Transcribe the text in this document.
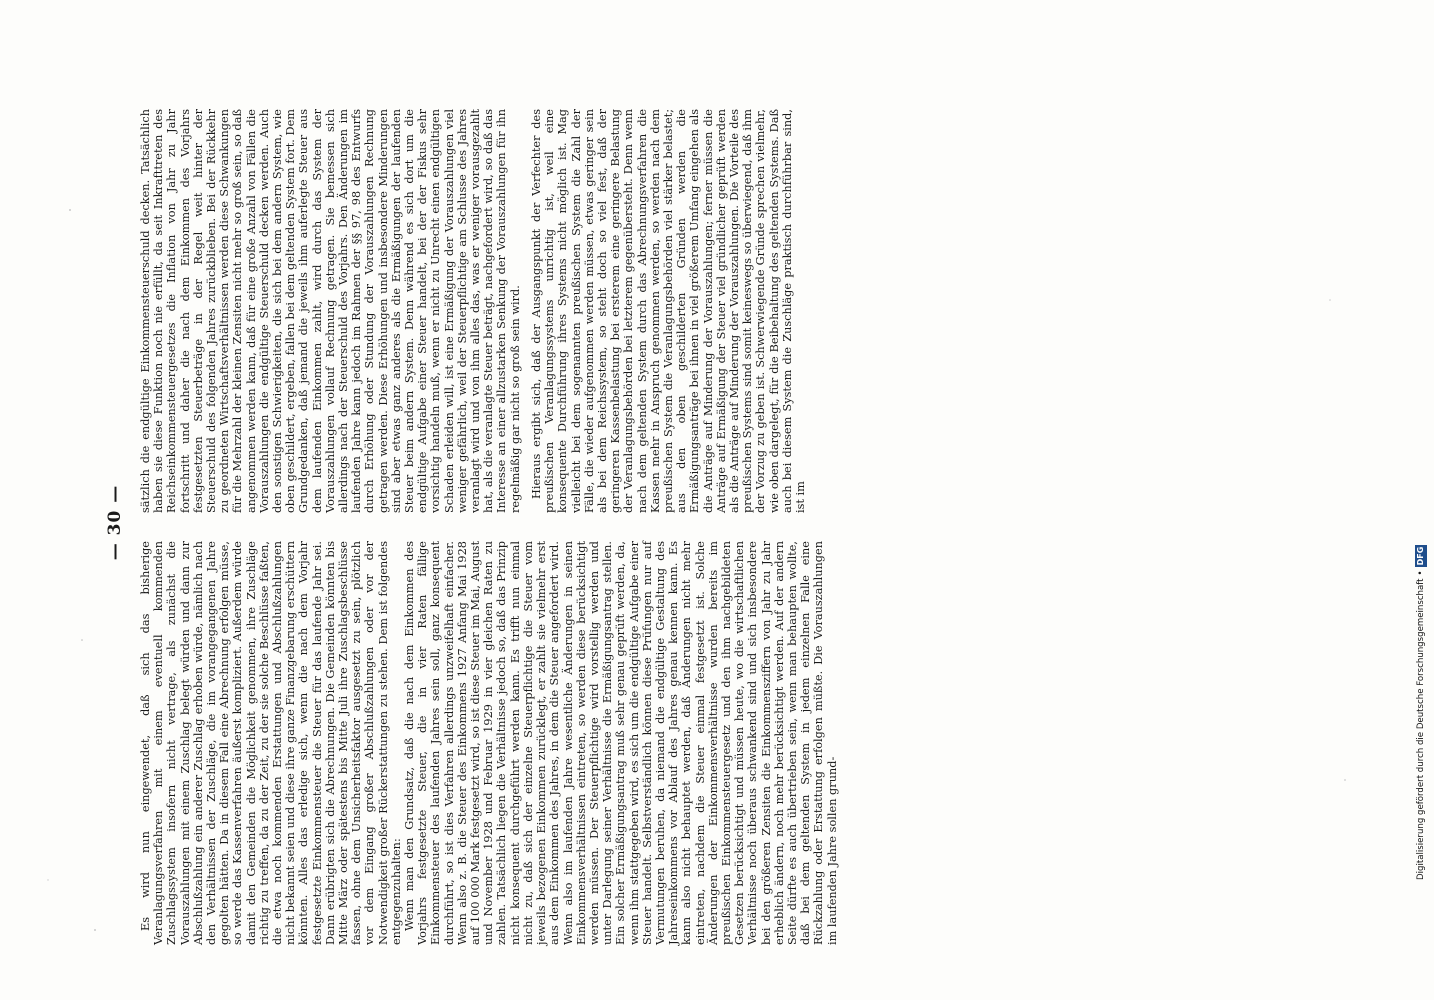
— 30 —

Es wird nun eingewendet, daß sich das bisherige Veranlagungsverfahren mit einem eventuell kommenden Zuschlagssystem insofern nicht vertrage, als zunächst die Vorauszahlungen mit einem Zuschlag belegt würden und dann zur Abschlußzahlung ein anderer Zuschlag erhoben würde, nämlich nach den Verhältnissen der Zuschläge, die im vorangegangenen Jahre gegolten hätten. Da in diesem Fall eine Abrechnung erfolgen müsse, so werde das Kassenverfahren äußerst kompliziert. Außerdem würde damit den Gemeinden die Möglichkeit genommen, ihre Zuschläge richtig zu treffen, da zu der Zeit, zu der sie solche Beschlüsse faßten, die etwa noch kommenden Erstattungen und Abschlußzahlungen nicht bekannt seien und diese ihre ganze Finanzgebarung erschüttern könnten. Alles das erledige sich, wenn die nach dem Vorjahr festgesetzte Einkommensteuer die Steuer für das laufende Jahr sei. Dann erübrigten sich die Abrechnungen. Die Gemeinden könnten bis Mitte März oder spätestens bis Mitte Juli ihre Zuschlagsbeschlüsse fassen, ohne dem Unsicherheitsfaktor ausgesetzt zu sein, plötzlich vor dem Eingang großer Abschlußzahlungen oder vor der Notwendigkeit großer Rückerstattungen zu stehen. Dem ist folgendes entgegenzuhalten: Wenn man den Grundsatz, daß die nach dem Einkommen des Vorjahrs festgesetzte Steuer, die in vier Raten fällige Einkommensteuer des laufenden Jahres sein soll, ganz konsequent durchführt, so ist dies Verfahren allerdings unzweifelhaft einfacher. Wenn also z. B. die Steuer des Einkommens 1927 Anfang Mai 1928 auf 100 000 Mark festgesetzt wird, so ist diese Steuer im Mai, August und November 1928 und Februar 1929 in vier gleichen Raten zu zahlen. Tatsächlich liegen die Verhältnisse jedoch so, daß das Prinzip nicht konsequent durchgeführt werden kann. Es trifft nun einmal nicht zu, daß sich der einzelne Steuerpflichtige die Steuer vom jeweils bezogenen Einkommen zurücklegt, er zahlt sie vielmehr erst aus dem Einkommen des Jahres, in dem die Steuer angefordert wird. Wenn also im laufenden Jahre wesentliche Änderungen in seinen Einkommensverhältnissen eintreten, so werden diese berücksichtigt werden müssen. Der Steuerpflichtige wird vorstellig werden und unter Darlegung seiner Verhältnisse die Ermäßigungsantrag stellen. Ein solcher Ermäßigungsantrag muß sehr genau geprüft werden, da, wenn ihm stattgegeben wird, es sich um die endgültige Aufgabe einer Steuer handelt. Selbstverständlich können diese Prüfungen nur auf Vermutungen beruhen, da niemand die endgültige Gestaltung des Jahreseinkommens vor Ablauf des Jahres genau kennen kann. Es kann also nicht behauptet werden, daß Änderungen nicht mehr eintreten, nachdem die Steuer einmal festgesetzt ist. Solche Änderungen der Einkommensverhältnisse wurden bereits im preußischen Einkommensteuergesetz und den ihm nachgebildeten Gesetzen berücksichtigt und müssen heute, wo die wirtschaftlichen Verhältnisse noch überaus schwankend sind und sich insbesondere bei den größeren Zensiten die Einkommensziffern von Jahr zu Jahr erheblich ändern, noch mehr berücksichtigt werden. Auf der andern Seite dürfte es auch übertrieben sein, wenn man behaupten wollte, daß bei dem geltenden System in jedem einzelnen Falle eine Rückzahlung oder Erstattung erfolgen müßte. Die Vorauszahlungen im laufenden Jahre sollen grund-

sätzlich die endgültige Einkommensteuerschuld decken. Tatsächlich haben sie diese Funktion noch nie erfüllt, da seit Inkrafttreten des Reichseinkommensteuergesetzes die Inflation von Jahr zu Jahr fortschritt und daher die nach dem Einkommen des Vorjahrs festgesetzten Steuerbeträge in der Regel weit hinter der Steuerschuld des folgenden Jahres zurückblieben. Bei der Rückkehr zu geordneten Wirtschaftsverhältnissen werden diese Schwankungen für die Mehrzahl der kleinen Zensiten nicht mehr so groß sein, so daß angenommen werden kann, daß für eine große Anzahl von Fällen die Vorauszahlungen die endgültige Steuerschuld decken werden. Auch den sonstigen Schwierigkeiten, die sich bei dem andern System, wie oben geschildert, ergeben, fallen bei dem geltenden System fort. Dem Grundgedanken, daß jemand die jeweils ihm auferlegte Steuer aus dem laufenden Einkommen zahlt, wird durch das System der Vorauszahlungen vollauf Rechnung getragen. Sie bemessen sich allerdings nach der Steuerschuld des Vorjahrs. Den Änderungen im laufenden Jahre kann jedoch im Rahmen der §§ 97, 98 des Entwurfs durch Erhöhung oder Stundung der Vorauszahlungen Rechnung getragen werden. Diese Erhöhungen und insbesondere Minderungen sind aber etwas ganz anderes als die Ermäßigungen der laufenden Steuer beim andern System. Denn während es sich dort um die endgültige Aufgabe einer Steuer handelt, bei der der Fiskus sehr vorsichtig handeln muß, wenn er nicht zu Unrecht einen endgültigen Schaden erleiden will, ist eine Ermäßigung der Vorauszahlungen viel weniger gefährlich, weil der Steuerpflichtige am Schlusse des Jahres veranlagt wird und von ihm alles das, was er weniger vorausgezahlt hat, als die veranlagte Steuer beträgt, nachgefordert wird, so daß das Interesse an einer allzustarken Senkung der Vorauszahlungen für ihn regelmäßig gar nicht so groß sein wird. Hieraus ergibt sich, daß der Ausgangspunkt der Verfechter des preußischen Veranlagungssystems unrichtig ist, weil eine konsequente Durchführung ihres Systems nicht möglich ist. Mag vielleicht bei dem sogenannten preußischen System die Zahl der Fälle, die wieder aufgenommen werden müssen, etwas geringer sein als bei dem Reichssystem, so steht doch so viel fest, daß der geringeren Kassenbelastung bei ersterem eine geringere Belastung der Veranlagungsbehörden bei letzterem gegenübersteht. Denn wenn nach dem geltenden System durch das Abrechnungsverfahren die Kassen mehr in Anspruch genommen werden, so werden nach dem preußischen System die Veranlagungsbehörden viel stärker belastet; aus den oben geschilderten Gründen werden die Ermäßigungsanträge bei ihnen in viel größerem Umfang eingehen als die Anträge auf Minderung der Vorauszahlungen; ferner müssen die Anträge auf Ermäßigung der Steuer viel gründlicher geprüft werden als die Anträge auf Minderung der Vorauszahlungen. Die Vorteile des preußischen Systems sind somit keineswegs so überwiegend, daß ihm der Vorzug zu geben ist. Schwerwiegende Gründe sprechen vielmehr, wie oben dargelegt, für die Beibehaltung des geltenden Systems. Daß auch bei diesem System die Zuschläge praktisch durchführbar sind, ist im

Digitalisierung gefördert durch die Deutsche Forschungsgemeinschaft
•
DFG
